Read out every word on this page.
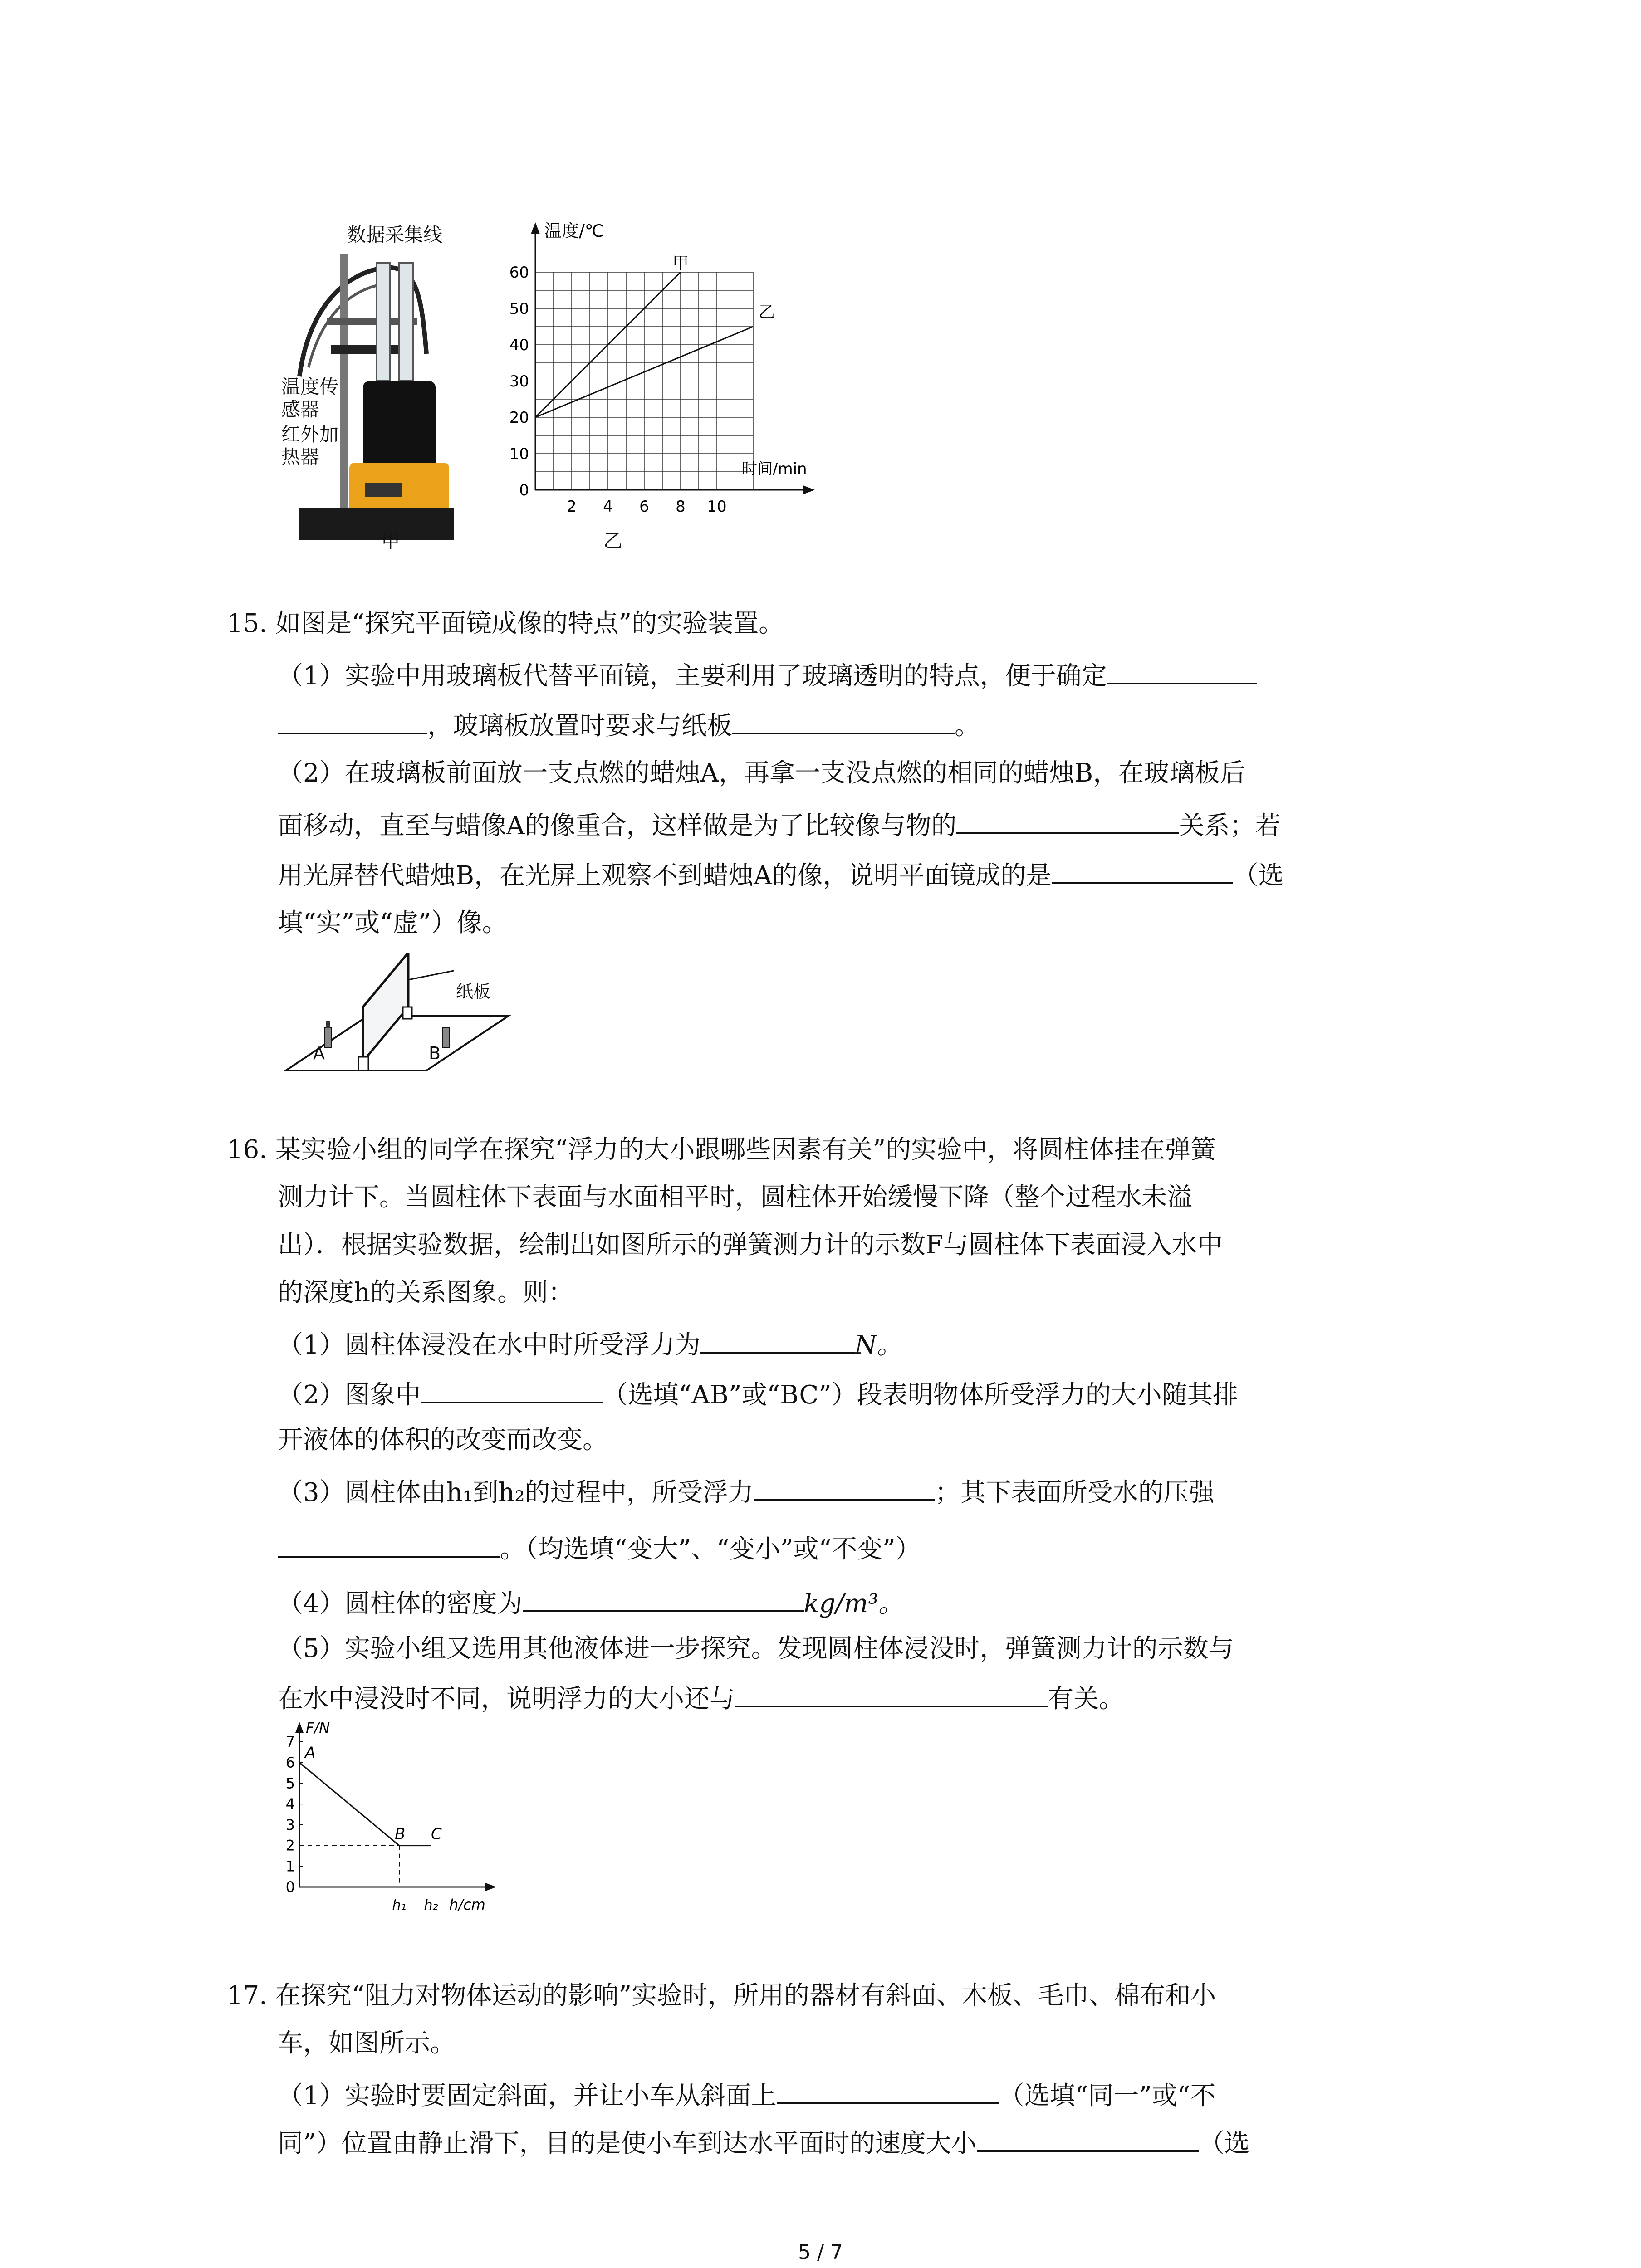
数据采集线
温度传
感器
红外加
热器
甲
温度/℃
时间/min
0
10
20
30
40
50
60
2 4 6 8 10
甲
乙
乙
15. 如图是“探究平面镜成像的特点”的实验装置。
（1）实验中用玻璃板代替平面镜，主要利用了玻璃透明的特点，便于确定
，玻璃板放置时要求与纸板	。
（2）在玻璃板前面放一支点燃的蜡烛A，再拿一支没点燃的相同的蜡烛B，在玻璃板后
面移动，直至与蜡像A的像重合，这样做是为了比较像与物的	关系；若
用光屏替代蜡烛B，在光屏上观察不到蜡烛A的像，说明平面镜成的是	（选
填“实”或“虚”）像。
纸板
A	B
16. 某实验小组的同学在探究“浮力的大小跟哪些因素有关”的实验中，将圆柱体挂在弹簧
测力计下。当圆柱体下表面与水面相平时，圆柱体开始缓慢下降（整个过程水未溢
出）．根据实验数据，绘制出如图所示的弹簧测力计的示数F与圆柱体下表面浸入水中
的深度h的关系图象。则：
（1）圆柱体浸没在水中时所受浮力为	N。
（2）图象中	（选填“AB”或“BC”）段表明物体所受浮力的大小随其排
开液体的体积的改变而改变。
（3）圆柱体由h₁到h₂的过程中，所受浮力	；其下表面所受水的压强
。（均选填“变大”、“变小”或“不变”）
（4）圆柱体的密度为	kg/m³。
（5）实验小组又选用其他液体进一步探究。发现圆柱体浸没时，弹簧测力计的示数与
在水中浸没时不同，说明浮力的大小还与	有关。
F/N
h/cm
0
1
2
3
4
5
6
7
h₁ h₂
A
B C
17. 在探究“阻力对物体运动的影响”实验时，所用的器材有斜面、木板、毛巾、棉布和小
车，如图所示。
（1）实验时要固定斜面，并让小车从斜面上	（选填“同一”或“不
同”）位置由静止滑下，目的是使小车到达水平面时的速度大小	（选
5 / 7
